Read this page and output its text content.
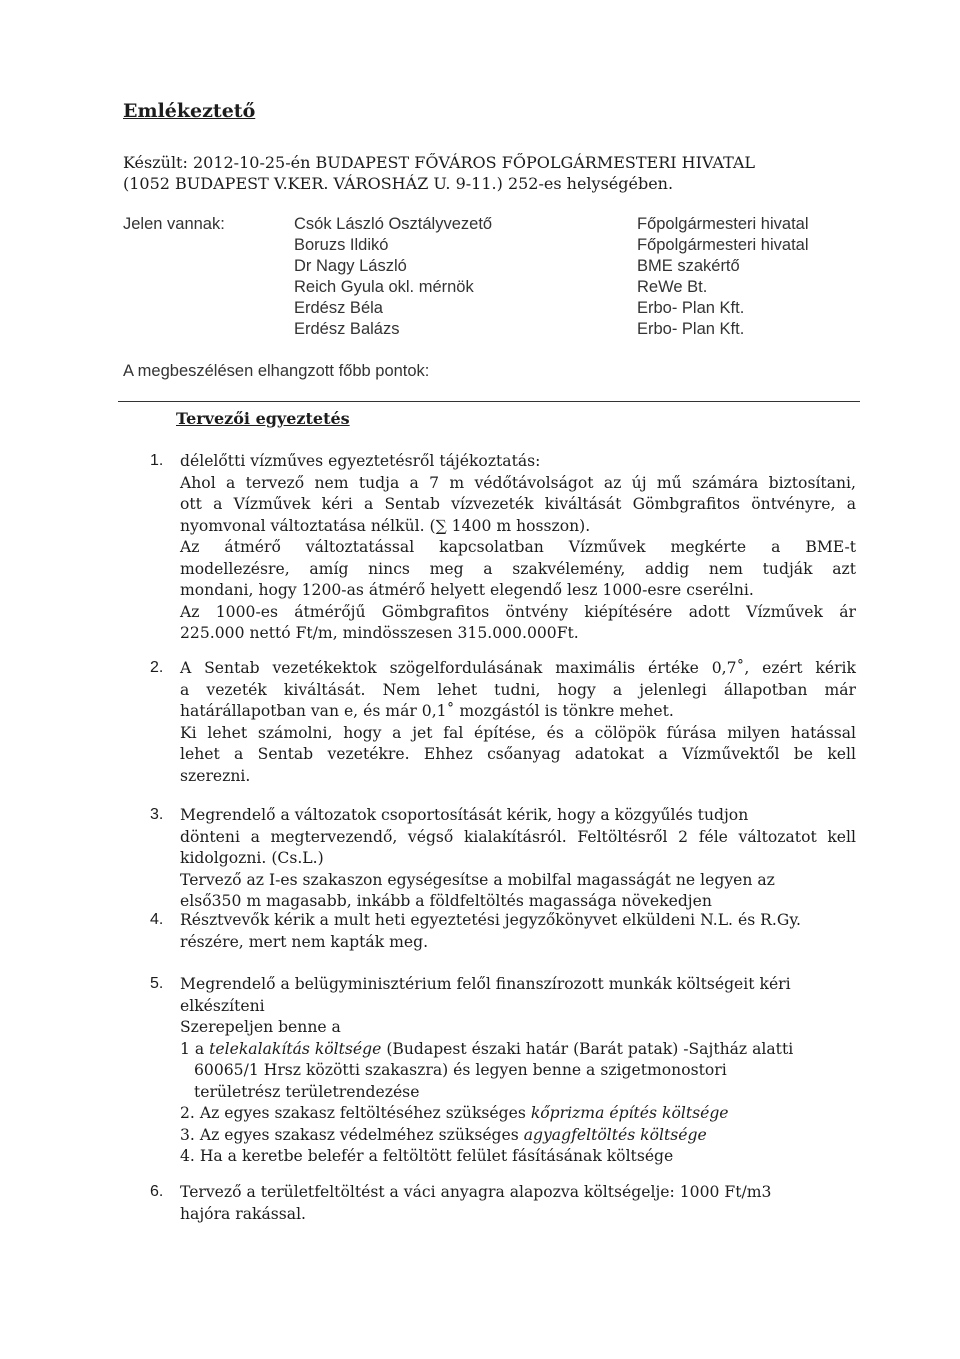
Emlékeztető
Készült: 2012-10-25-én BUDAPEST FŐVÁROS FŐPOLGÁRMESTERI HIVATAL
(1052 BUDAPEST V.KER. VÁROSHÁZ U. 9-11.) 252-es helységében.
Jelen vannak:	Csók László Osztályvezető
Boruzs Ildikó
Dr Nagy László
Reich Gyula okl. mérnök
Erdész Béla
Erdész Balázs
Főpolgármesteri hivatal
Főpolgármesteri hivatal
BME szakértő
ReWe Bt.
Erbo- Plan Kft.
Erbo- Plan Kft.
A megbeszélésen elhangzott főbb pontok:
Tervezői egyeztetés
1. délelőtti vízműves egyeztetésről tájékoztatás:
Ahol a tervező nem tudja a 7 m védőtávolságot az új mű számára biztosítani,
ott a Vízművek kéri a Sentab vízvezeték kiváltását Gömbgrafitos öntvényre, a
nyomvonal változtatása nélkül. (∑ 1400 m hosszon).
Az átmérő változtatással kapcsolatban Vízművek megkérte a BME-t
modellezésre, amíg nincs meg a szakvélemény, addig nem tudják azt
mondani, hogy 1200-as átmérő helyett elegendő lesz 1000-esre cserélni.
Az 1000-es átmérőjű Gömbgrafitos öntvény kiépítésére adott Vízművek ár
225.000 nettó Ft/m, mindösszesen 315.000.000Ft.
2. A Sentab vezetékektok szögelfordulásának maximális értéke 0,7˚, ezért kérik
a vezeték kiváltását. Nem lehet tudni, hogy a jelenlegi állapotban már
határállapotban van e, és már 0,1˚ mozgástól is tönkre mehet.
Ki lehet számolni, hogy a jet fal építése, és a cölöpök fúrása milyen hatással
lehet a Sentab vezetékre. Ehhez csőanyag adatokat a Vízművektől be kell
szerezni.
3. Megrendelő a változatok csoportosítását kérik, hogy a közgyűlés tudjon
dönteni a megtervezendő, végső kialakításról. Feltöltésről 2 féle változatot kell
kidolgozni. (Cs.L.)
Tervező az I-es szakaszon egységesítse a mobilfal magasságát ne legyen az
első350 m magasabb, inkább a földfeltöltés magassága növekedjen
4. Résztvevők kérik a mult heti egyeztetési jegyzőkönyvet elküldeni N.L. és R.Gy.
részére, mert nem kapták meg.
5. Megrendelő a belügyminisztérium felől finanszírozott munkák költségeit kéri
elkészíteni
Szerepeljen benne a
1 a telekalakítás költsége (Budapest északi határ (Barát patak) -Sajtház alatti
60065/1 Hrsz közötti szakaszra) és legyen benne a szigetmonostori
területrész területrendezése
2. Az egyes szakasz feltöltéséhez szükséges kőprizma építés költsége
3. Az egyes szakasz védelméhez szükséges agyagfeltöltés költsége
4. Ha a keretbe belefér a feltöltött felület fásításának költsége
6. Tervező a területfeltöltést a váci anyagra alapozva költségelje: 1000 Ft/m3
hajóra rakással.
